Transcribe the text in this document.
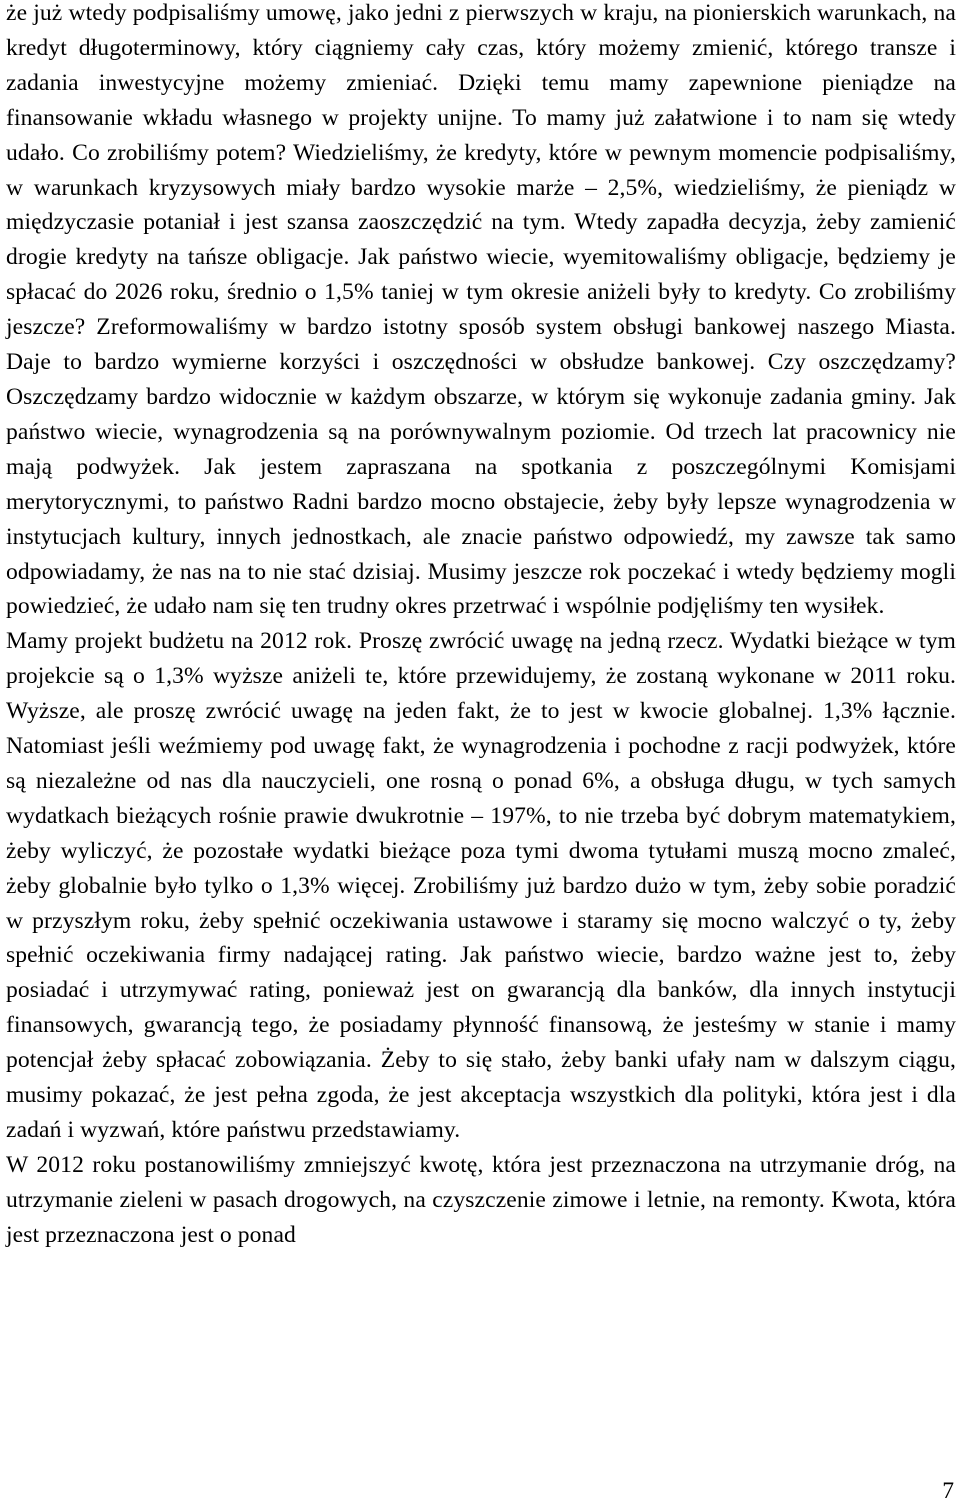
że już wtedy podpisaliśmy umowę, jako jedni z pierwszych w kraju, na pionierskich warunkach, na kredyt długoterminowy, który ciągniemy cały czas, który możemy zmienić, którego transze i zadania inwestycyjne możemy zmieniać. Dzięki temu mamy zapewnione pieniądze na finansowanie wkładu własnego w projekty unijne. To mamy już załatwione i to nam się wtedy udało. Co zrobiliśmy potem? Wiedzieliśmy, że kredyty, które w pewnym momencie podpisaliśmy, w warunkach kryzysowych miały bardzo wysokie marże – 2,5%, wiedzieliśmy, że pieniądz w międzyczasie potaniał i jest szansa zaoszczędzić na tym. Wtedy zapadła decyzja, żeby zamienić drogie kredyty na tańsze obligacje. Jak państwo wiecie, wyemitowaliśmy obligacje, będziemy je spłacać do 2026 roku, średnio o 1,5% taniej w tym okresie aniżeli były to kredyty. Co zrobiliśmy jeszcze? Zreformowaliśmy w bardzo istotny sposób system obsługi bankowej naszego Miasta. Daje to bardzo wymierne korzyści i oszczędności w obsłudze bankowej. Czy oszczędzamy? Oszczędzamy bardzo widocznie w każdym obszarze, w którym się wykonuje zadania gminy. Jak państwo wiecie, wynagrodzenia są na porównywalnym poziomie. Od trzech lat pracownicy nie mają podwyżek. Jak jestem zapraszana na spotkania z poszczególnymi Komisjami merytorycznymi, to państwo Radni bardzo mocno obstajecie, żeby były lepsze wynagrodzenia w instytucjach kultury, innych jednostkach, ale znacie państwo odpowiedź, my zawsze tak samo odpowiadamy, że nas na to nie stać dzisiaj. Musimy jeszcze rok poczekać i wtedy będziemy mogli powiedzieć, że udało nam się ten trudny okres przetrwać i wspólnie podjęliśmy ten wysiłek.

Mamy projekt budżetu na 2012 rok. Proszę zwrócić uwagę na jedną rzecz. Wydatki bieżące w tym projekcie są o 1,3% wyższe aniżeli te, które przewidujemy, że zostaną wykonane w 2011 roku. Wyższe, ale proszę zwrócić uwagę na jeden fakt, że to jest w kwocie globalnej. 1,3% łącznie. Natomiast jeśli weźmiemy pod uwagę fakt, że wynagrodzenia i pochodne z racji podwyżek, które są niezależne od nas dla nauczycieli, one rosną o ponad 6%, a obsługa długu, w tych samych wydatkach bieżących rośnie prawie dwukrotnie – 197%, to nie trzeba być dobrym matematykiem, żeby wyliczyć, że pozostałe wydatki bieżące poza tymi dwoma tytułami muszą mocno zmaleć, żeby globalnie było tylko o 1,3% więcej. Zrobiliśmy już bardzo dużo w tym, żeby sobie poradzić w przyszłym roku, żeby spełnić oczekiwania ustawowe i staramy się mocno walczyć o ty, żeby spełnić oczekiwania firmy nadającej rating. Jak państwo wiecie, bardzo ważne jest to, żeby posiadać i utrzymywać rating, ponieważ jest on gwarancją dla banków, dla innych instytucji finansowych, gwarancją tego, że posiadamy płynność finansową, że jesteśmy w stanie i mamy potencjał żeby spłacać zobowiązania. Żeby to się stało, żeby banki ufały nam w dalszym ciągu, musimy pokazać, że jest pełna zgoda, że jest akceptacja wszystkich dla polityki, która jest i dla zadań i wyzwań, które państwu przedstawiamy.

W 2012 roku postanowiliśmy zmniejszyć kwotę, która jest przeznaczona na utrzymanie dróg, na utrzymanie zieleni w pasach drogowych, na czyszczenie zimowe i letnie, na remonty. Kwota, która jest przeznaczona jest o ponad

7
